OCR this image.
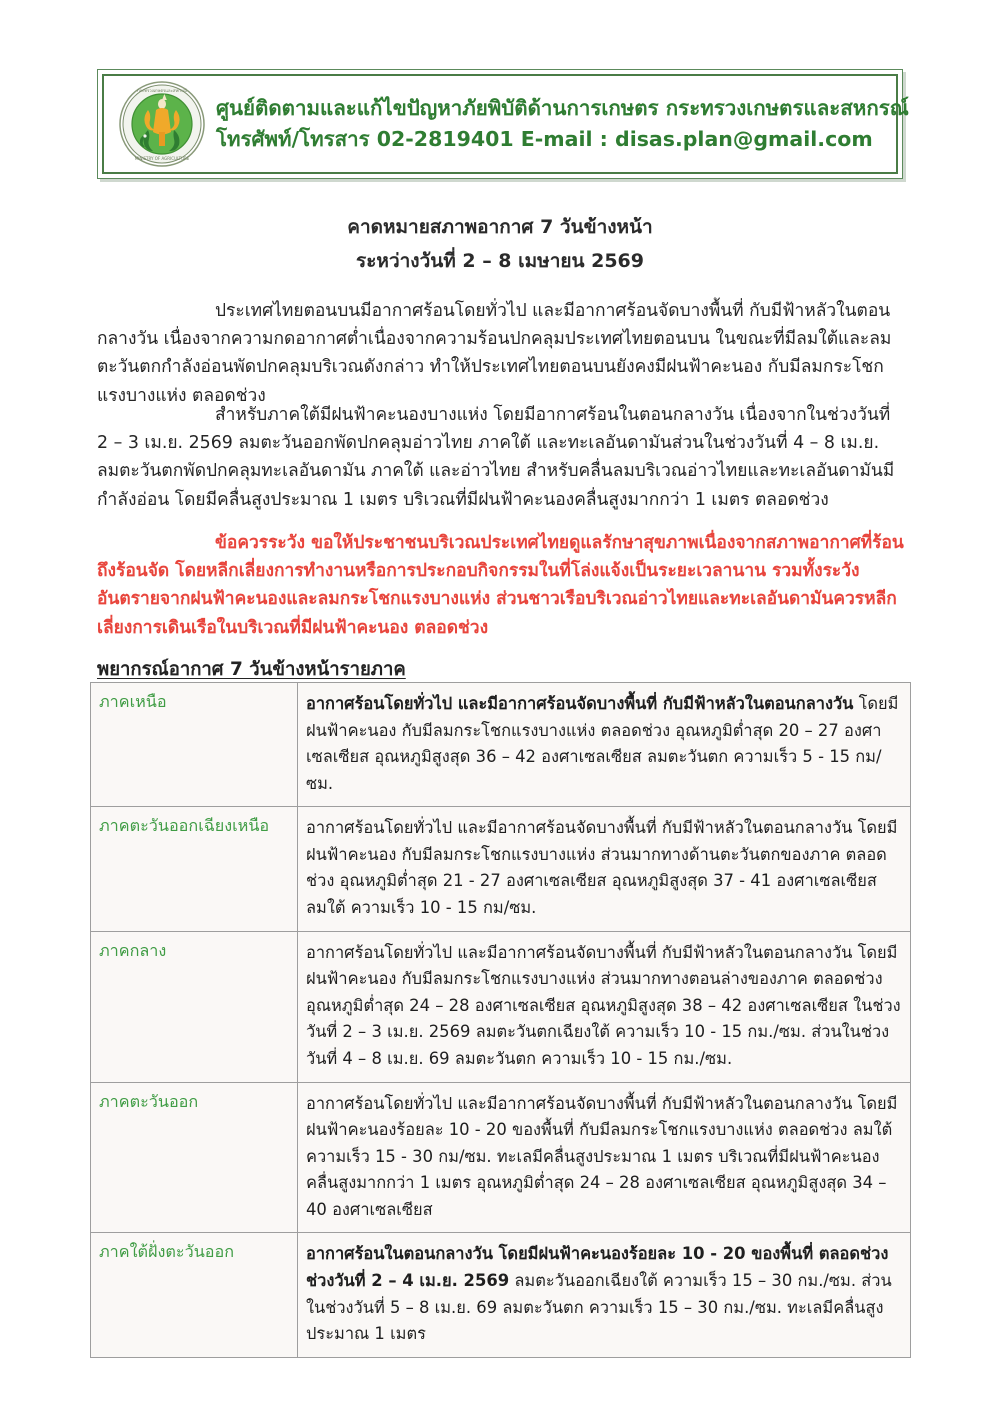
กระทรวงเกษตรและสหกรณ์
MINISTRY OF AGRICULTURE
ศูนย์ติดตามและแก้ไขปัญหาภัยพิบัติด้านการเกษตร กระทรวงเกษตรและสหกรณ์
โทรศัพท์/โทรสาร 02-2819401 E-mail : disas.plan@gmail.com
คาดหมายสภาพอากาศ 7 วันข้างหน้า
ระหว่างวันที่ 2 – 8 เมษายน 2569
ประเทศไทยตอนบนมีอากาศร้อนโดยทั่วไป และมีอากาศร้อนจัดบางพื้นที่ กับมีฟ้าหลัวในตอนกลางวัน เนื่องจากความกดอากาศต่ำเนื่องจากความร้อนปกคลุมประเทศไทยตอนบน ในขณะที่มีลมใต้และลมตะวันตกกำลังอ่อนพัดปกคลุมบริเวณดังกล่าว ทำให้ประเทศไทยตอนบนยังคงมีฝนฟ้าคะนอง กับมีลมกระโชกแรงบางแห่ง ตลอดช่วง
สำหรับภาคใต้มีฝนฟ้าคะนองบางแห่ง โดยมีอากาศร้อนในตอนกลางวัน เนื่องจากในช่วงวันที่ 2 – 3 เม.ย. 2569 ลมตะวันออกพัดปกคลุมอ่าวไทย ภาคใต้ และทะเลอันดามันส่วนในช่วงวันที่ 4 – 8 เม.ย. ลมตะวันตกพัดปกคลุมทะเลอันดามัน ภาคใต้ และอ่าวไทย สำหรับคลื่นลมบริเวณอ่าวไทยและทะเลอันดามันมีกำลังอ่อน โดยมีคลื่นสูงประมาณ 1 เมตร บริเวณที่มีฝนฟ้าคะนองคลื่นสูงมากกว่า 1 เมตร ตลอดช่วง
ข้อควรระวัง ขอให้ประชาชนบริเวณประเทศไทยดูแลรักษาสุขภาพเนื่องจากสภาพอากาศที่ร้อนถึงร้อนจัด โดยหลีกเลี่ยงการทำงานหรือการประกอบกิจกรรมในที่โล่งแจ้งเป็นระยะเวลานาน รวมทั้งระวังอันตรายจากฝนฟ้าคะนองและลมกระโชกแรงบางแห่ง ส่วนชาวเรือบริเวณอ่าวไทยและทะเลอันดามันควรหลีกเลี่ยงการเดินเรือในบริเวณที่มีฝนฟ้าคะนอง ตลอดช่วง
พยากรณ์อากาศ 7 วันข้างหน้ารายภาค
ภาคเหนือ	อากาศร้อนโดยทั่วไป และมีอากาศร้อนจัดบางพื้นที่ กับมีฟ้าหลัวในตอนกลางวัน โดยมีฝนฟ้าคะนอง กับมีลมกระโชกแรงบางแห่ง ตลอดช่วง อุณหภูมิต่ำสุด 20 – 27 องศาเซลเซียส อุณหภูมิสูงสุด 36 – 42 องศาเซลเซียส ลมตะวันตก ความเร็ว 5 - 15 กม/ซม.
ภาคตะวันออกเฉียงเหนือ	อากาศร้อนโดยทั่วไป และมีอากาศร้อนจัดบางพื้นที่ กับมีฟ้าหลัวในตอนกลางวัน โดยมีฝนฟ้าคะนอง กับมีลมกระโชกแรงบางแห่ง ส่วนมากทางด้านตะวันตกของภาค ตลอดช่วง อุณหภูมิต่ำสุด 21 - 27 องศาเซลเซียส อุณหภูมิสูงสุด 37 - 41 องศาเซลเซียส ลมใต้ ความเร็ว 10 - 15 กม/ซม.
ภาคกลาง	อากาศร้อนโดยทั่วไป และมีอากาศร้อนจัดบางพื้นที่ กับมีฟ้าหลัวในตอนกลางวัน โดยมีฝนฟ้าคะนอง กับมีลมกระโชกแรงบางแห่ง ส่วนมากทางตอนล่างของภาค ตลอดช่วง อุณหภูมิต่ำสุด 24 – 28 องศาเซลเซียส อุณหภูมิสูงสุด 38 – 42 องศาเซลเซียส ในช่วงวันที่ 2 – 3 เม.ย. 2569 ลมตะวันตกเฉียงใต้ ความเร็ว 10 - 15 กม./ซม. ส่วนในช่วงวันที่ 4 – 8 เม.ย. 69 ลมตะวันตก ความเร็ว 10 - 15 กม./ซม.
ภาคตะวันออก	อากาศร้อนโดยทั่วไป และมีอากาศร้อนจัดบางพื้นที่ กับมีฟ้าหลัวในตอนกลางวัน โดยมีฝนฟ้าคะนองร้อยละ 10 - 20 ของพื้นที่ กับมีลมกระโชกแรงบางแห่ง ตลอดช่วง ลมใต้ ความเร็ว 15 - 30 กม/ซม. ทะเลมีคลื่นสูงประมาณ 1 เมตร บริเวณที่มีฝนฟ้าคะนองคลื่นสูงมากกว่า 1 เมตร อุณหภูมิต่ำสุด 24 – 28 องศาเซลเซียส อุณหภูมิสูงสุด 34 – 40 องศาเซลเซียส
ภาคใต้ฝั่งตะวันออก	อากาศร้อนในตอนกลางวัน โดยมีฝนฟ้าคะนองร้อยละ 10 - 20 ของพื้นที่ ตลอดช่วง ช่วงวันที่ 2 – 4 เม.ย. 2569 ลมตะวันออกเฉียงใต้ ความเร็ว 15 – 30 กม./ซม. ส่วนในช่วงวันที่ 5 – 8 เม.ย. 69 ลมตะวันตก ความเร็ว 15 – 30 กม./ซม. ทะเลมีคลื่นสูงประมาณ 1 เมตร
